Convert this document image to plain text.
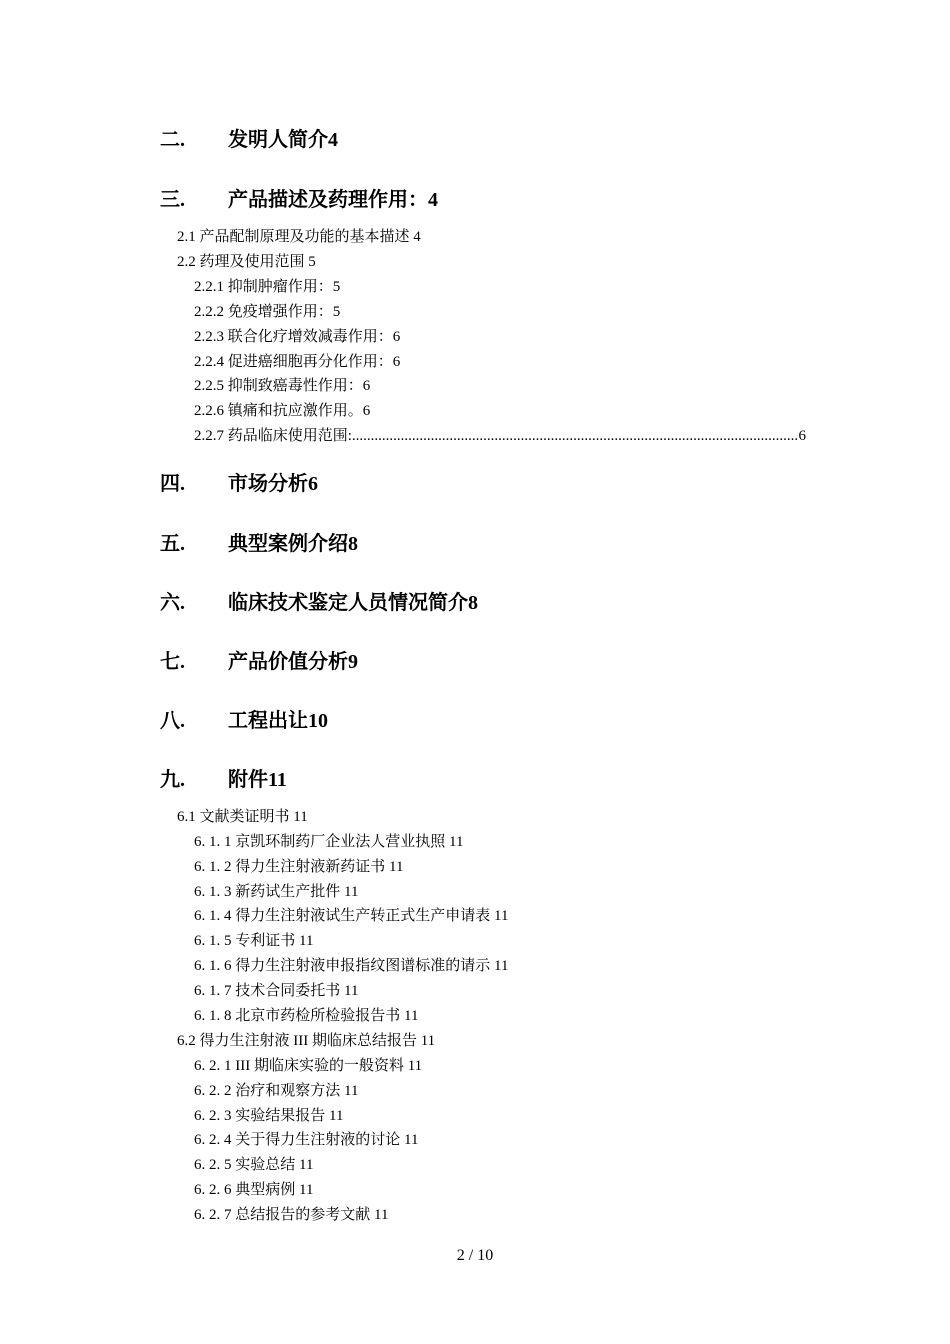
二. 发明人简介4
三. 产品描述及药理作用：4
2.1 产品配制原理及功能的基本描述 4
2.2 药理及使用范围 5
2.2.1 抑制肿瘤作用：5
2.2.2 免疫增强作用：5
2.2.3 联合化疗增效减毒作用：6
2.2.4 促进癌细胞再分化作用：6
2.2.5 抑制致癌毒性作用：6
2.2.6 镇痛和抗应激作用。6
2.2.7 药品临床使用范围: .....	6
四. 市场分析6
五. 典型案例介绍8
六. 临床技术鉴定人员情况简介8
七. 产品价值分析9
八. 工程出让10
九. 附件11
6.1 文献类证明书 11
6. 1. 1 京凯环制药厂企业法人营业执照 11
6. 1. 2 得力生注射液新药证书 11
6. 1. 3 新药试生产批件 11
6. 1. 4 得力生注射液试生产转正式生产申请表 11
6. 1. 5 专利证书 11
6. 1. 6 得力生注射液申报指纹图谱标准的请示 11
6. 1. 7 技术合同委托书 11
6. 1. 8 北京市药检所检验报告书 11
6.2 得力生注射液 III 期临床总结报告 11
6. 2. 1 III 期临床实验的一般资料 11
6. 2. 2 治疗和观察方法 11
6. 2. 3 实验结果报告 11
6. 2. 4 关于得力生注射液的讨论 11
6. 2. 5 实验总结 11
6. 2. 6 典型病例 11
6. 2. 7 总结报告的参考文献 11
2 / 10
